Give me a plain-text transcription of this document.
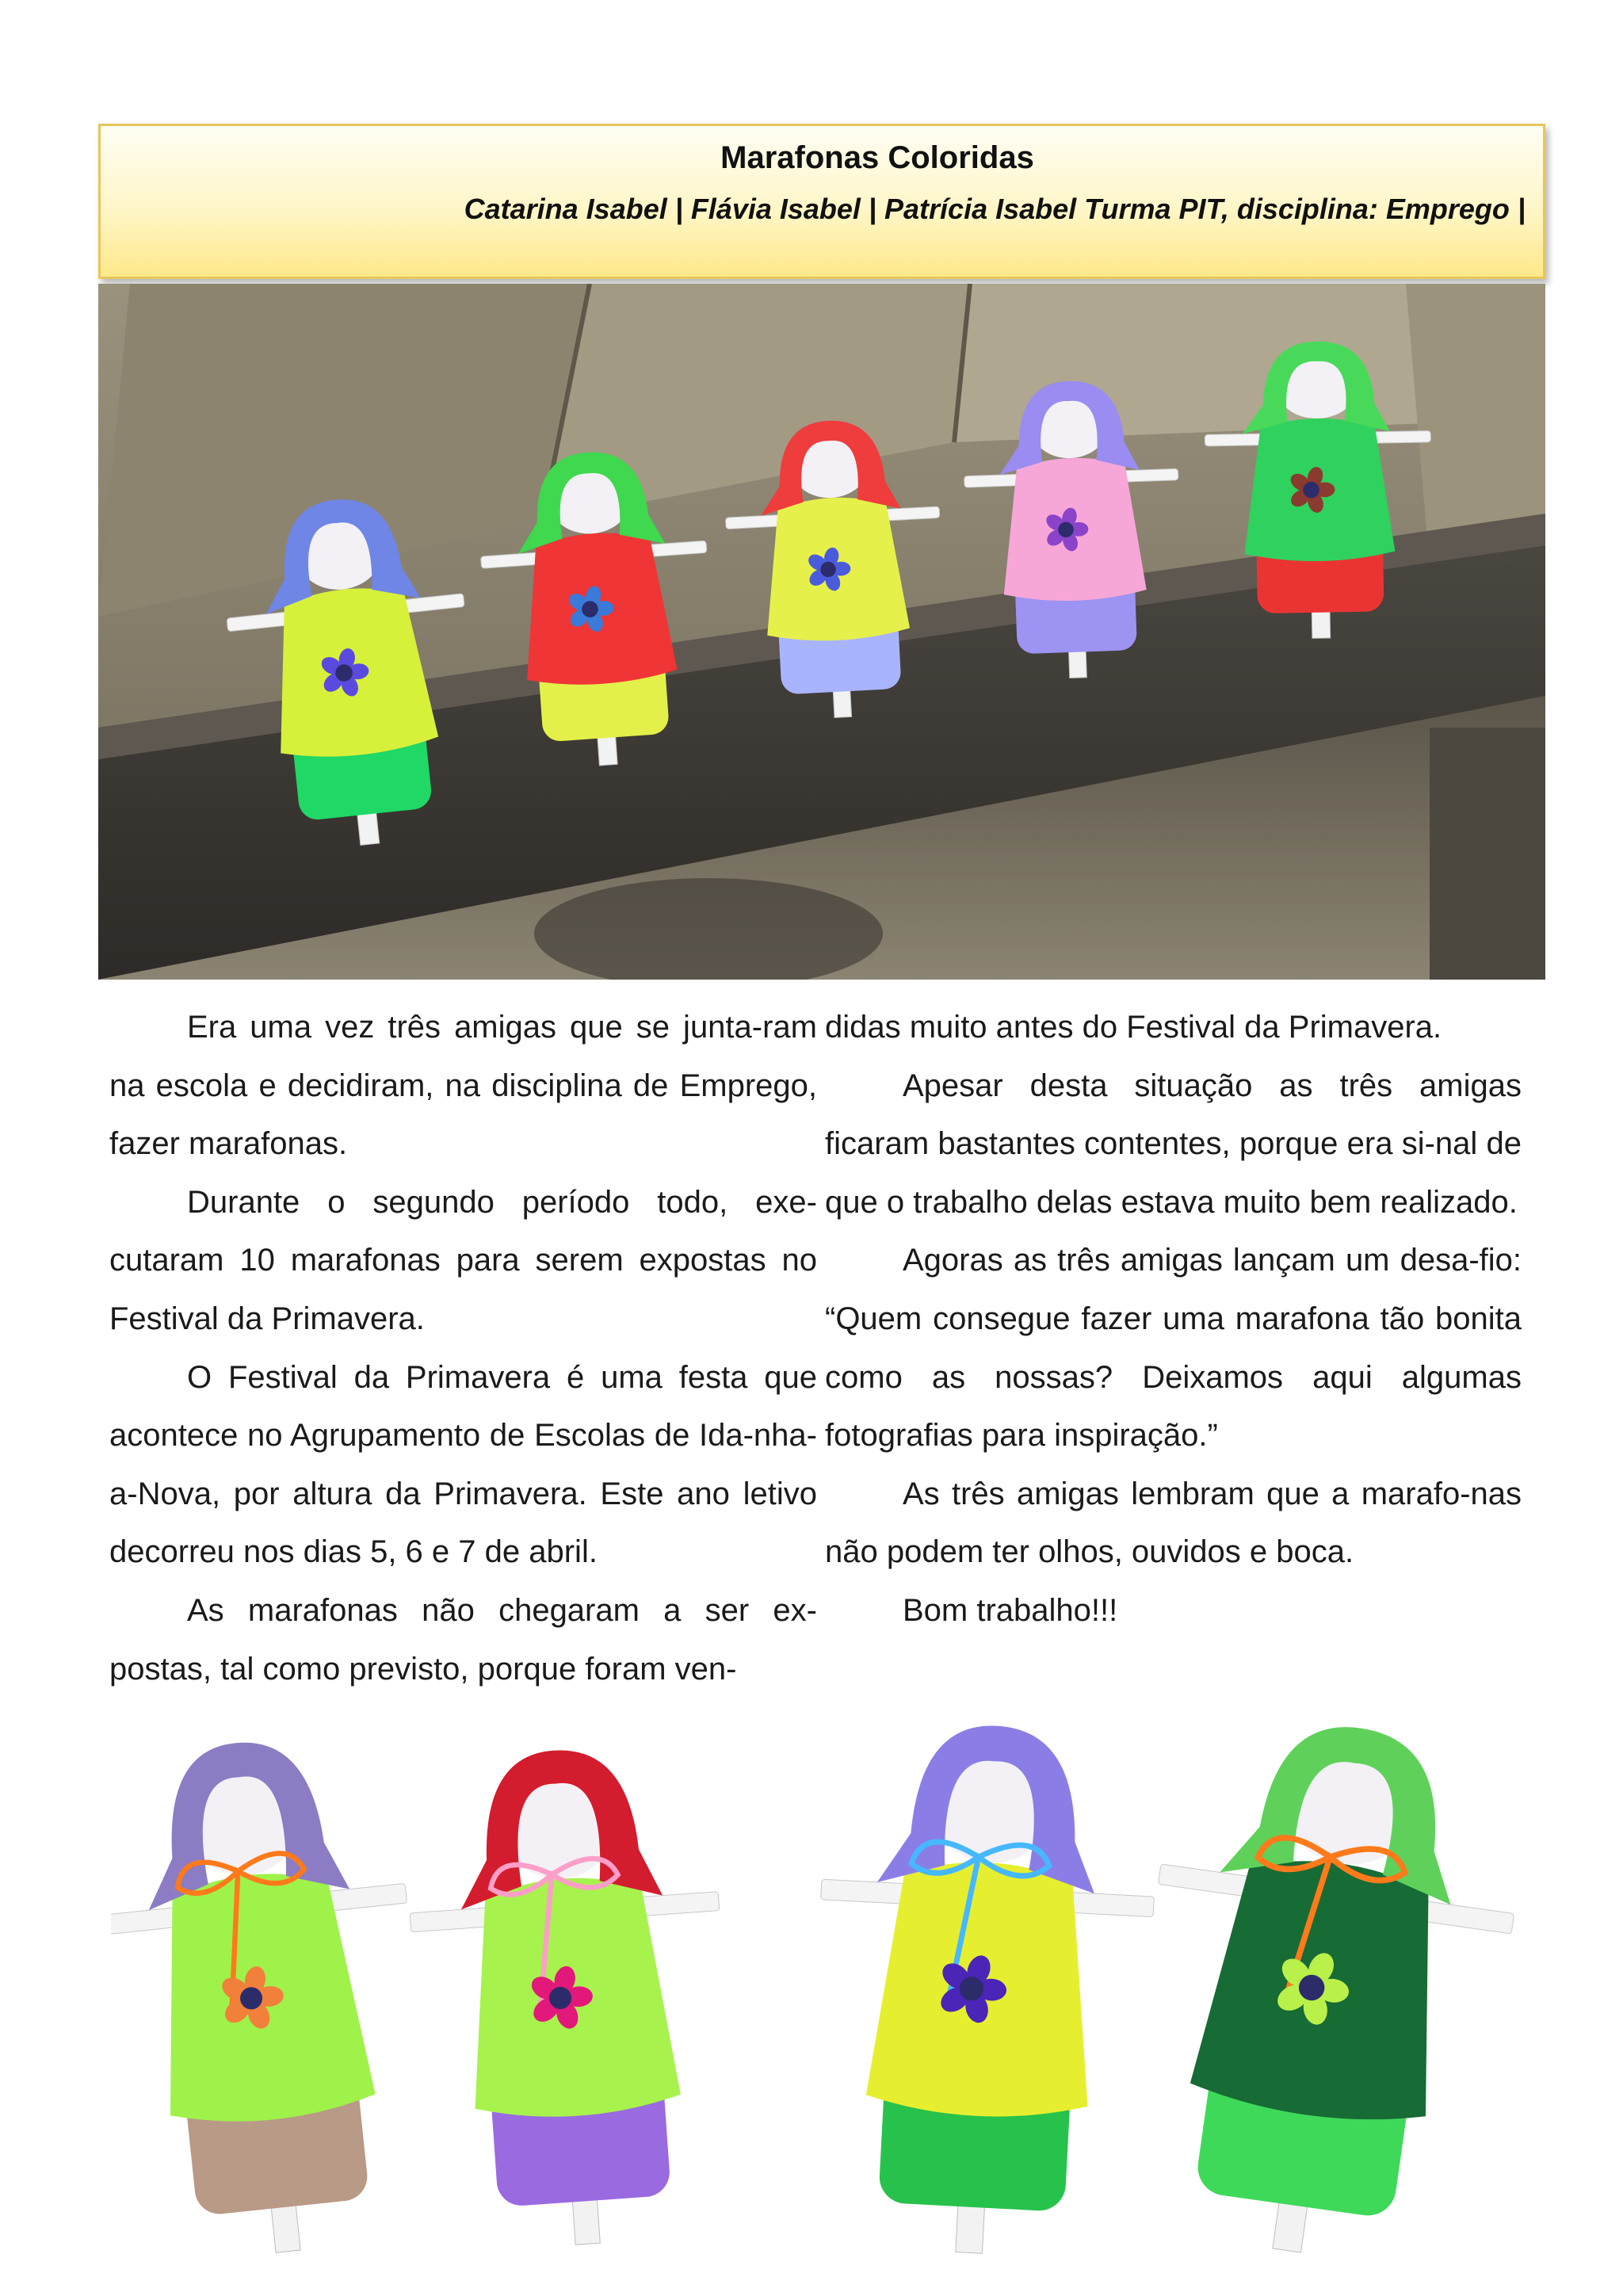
Marafonas Coloridas
Catarina Isabel | Flávia Isabel | Patrícia Isabel Turma PIT, disciplina: Emprego |

Era uma vez três amigas que se junta-ram na escola e decidiram, na disciplina de Emprego, fazer marafonas.

Durante o segundo período todo, exe-cutaram 10 marafonas para serem expostas no Festival da Primavera.

O Festival da Primavera é uma festa que acontece no Agrupamento de Escolas de Ida-nha-a-Nova, por altura da Primavera. Este ano letivo decorreu nos dias 5, 6 e 7 de abril.

As marafonas não chegaram a ser ex-postas, tal como previsto, porque foram ven-

didas muito antes do Festival da Primavera.

Apesar desta situação as três amigas ficaram bastantes contentes, porque era si-nal de que o trabalho delas estava muito bem realizado.

Agoras as três amigas lançam um desa-fio: “Quem consegue fazer uma marafona tão bonita como as nossas? Deixamos aqui algumas fotografias para inspiração.”

As três amigas lembram que a marafo-nas não podem ter olhos, ouvidos e boca.

Bom trabalho!!!
